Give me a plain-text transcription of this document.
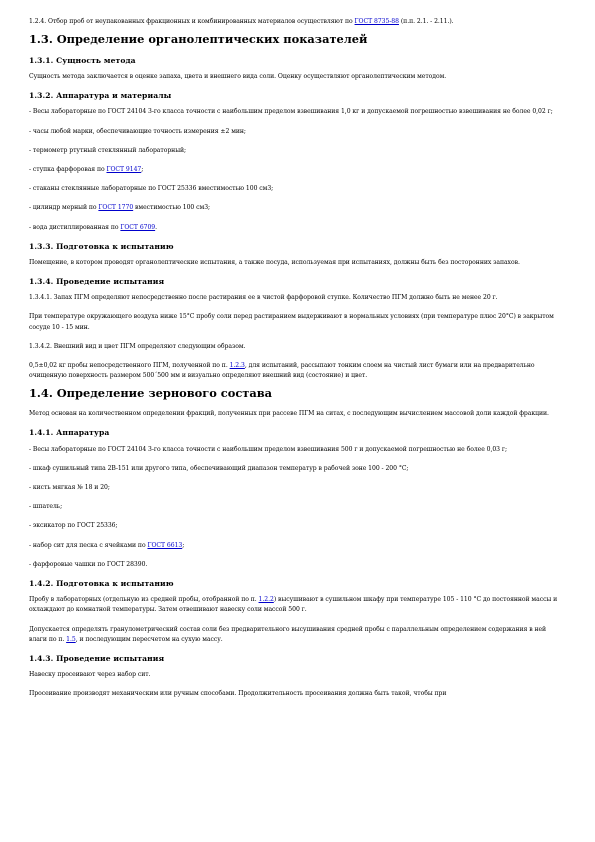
1.2.4. Отбор проб от неупакованных фракционных и комбинированных материалов осуществляют по ГОСТ 8735-88 (п.п. 2.1. - 2.11.).

1.3. Определение органолептических показателей
1.3.1. Сущность метода

Сущность метода заключается в оценке запаха, цвета и внешнего вида соли. Оценку осуществляют органолептическим методом.

1.3.2. Аппаратура и материалы

- Весы лабораторные по ГОСТ 24104 3-го класса точности с наибольшим пределом взвешивания 1,0 кг и допускаемой погрешностью взвешивания не более 0,02 г;

- часы любой марки, обеспечивающие точность измерения ±2 мин;

- термометр ртутный стеклянный лабораторный;

- ступка фарфоровая по ГОСТ 9147;

- стаканы стеклянные лабораторные по ГОСТ 25336 вместимостью 100 см3;

- цилиндр мерный по ГОСТ 1770 вместимостью 100 см3;

- вода дистиллированная по ГОСТ 6709.

1.3.3. Подготовка к испытанию

Помещение, в котором проводят органолептические испытания, а также посуда, используемая при испытаниях, должны быть без посторонних запахов.

1.3.4. Проведение испытания

1.3.4.1. Запах ПГМ определяют непосредственно после растирания ее в чистой фарфоровой ступке. Количество ПГМ должно быть не менее 20 г.

При температуре окружающего воздуха ниже 15°С пробу соли перед растиранием выдерживают в нормальных условиях (при температуре плюс 20°С) в закрытом сосуде 10 - 15 мин.

1.3.4.2. Внешний вид и цвет ПГМ определяют следующим образом.

0,5±0,02 кг пробы непосредственного ПГМ, полученной по п. 1.2.3, для испытаний, рассыпают тонким слоем на чистый лист бумаги или на предварительно очищенную поверхность размером 500´500 мм и визуально определяют внешний вид (состояние) и цвет.

1.4. Определение зернового состава

Метод основан на количественном определении фракций, полученных при рассеве ПГМ на ситах, с последующим вычислением массовой доли каждой фракции.

1.4.1. Аппаратура

- Весы лабораторные по ГОСТ 24104 3-го класса точности с наибольшим пределом взвешивания 500 г и допускаемой погрешностью не более 0,03 г;

- шкаф сушильный типа 2В-151 или другого типа, обеспечивающий диапазон температур в рабочей зоне 100 - 200 °С;

- кисть мягкая № 18 и 20;

- шпатель;

- эксикатор по ГОСТ 25336;

- набор сит для песка с ячейками по ГОСТ 6613;

- фарфоровые чашки по ГОСТ 28390.

1.4.2. Подготовка к испытанию

Пробу в лабораторных (отдельную из средней пробы, отобранной по п. 1.2.2) высушивают в сушильном шкафу при температуре 105 - 110 °С до постоянной массы и охлаждают до комнатной температуры. Затем отвешивают навеску соли массой 500 г.

Допускается определять гранулометрический состав соли без предварительного высушивания средней пробы с параллельным определением содержания в ней влаги по п. 1.5, и последующим пересчетом на сухую массу.

1.4.3. Проведение испытания

Навеску просеивают через набор сит.

Просеивание производят механическим или ручным способами. Продолжительность просеивания должна быть такой, чтобы при
